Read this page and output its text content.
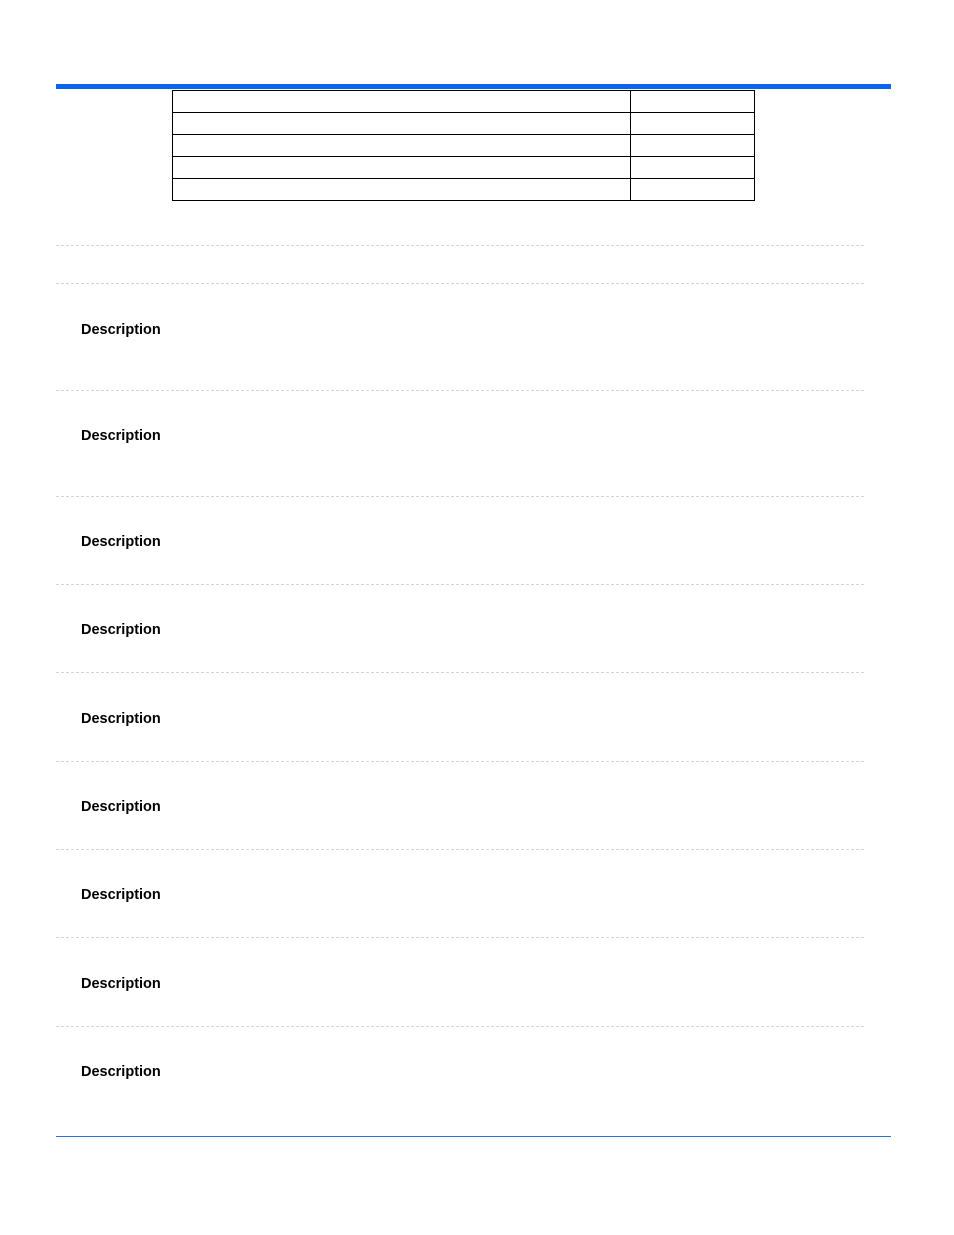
Description
Description
Description
Description
Description
Description
Description
Description
Description
